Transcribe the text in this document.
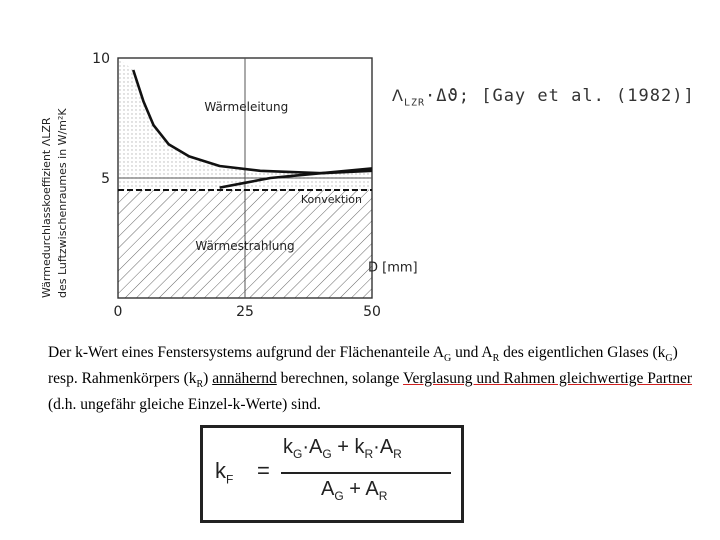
10
5
0	25	50
Wärmeleitung
Konvektion
Wärmestrahlung
D [mm]
Wärmedurchlasskoeffizient ΛLZR des Luftzwischenraumes in W/m²K
$\Lambda_{LZR}\cdot\Delta ϑ$; [Gay et al. (1982)]
Der k-Wert eines Fenstersystems aufgrund der Flächenanteile $A_G$ und $A_R$ des eigentlichen Glases $(k_G)$ resp. Rahmenkörpers $(k_R)$ annähernd berechnen, solange Verglasung und Rahmen gleichwertige Partner (d.h. ungefähr gleiche Einzel-k-Werte) sind.
$k_F$ =
$k_G\cdot A_G + k_R\cdot A_R$
$A_G + A_R$
